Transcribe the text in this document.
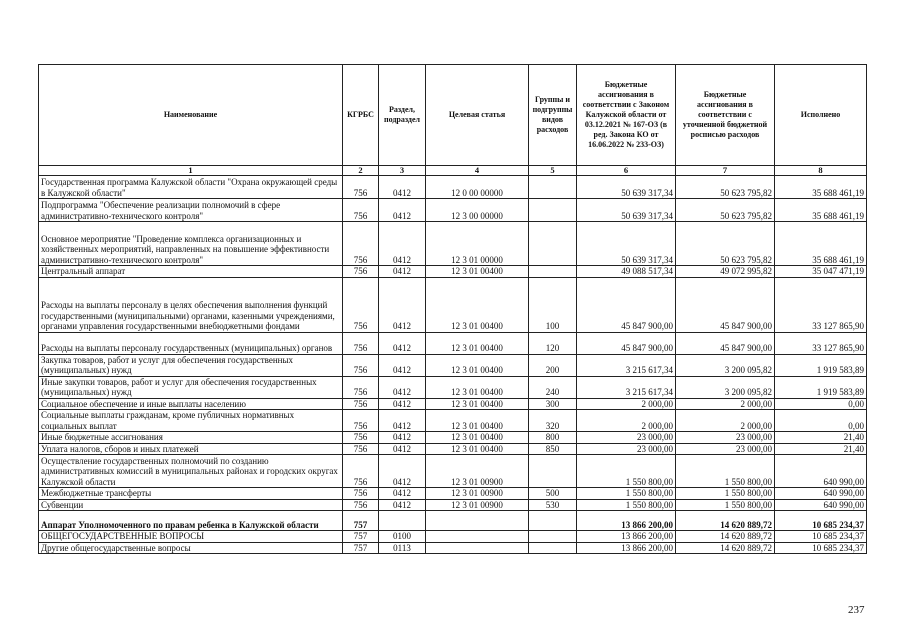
Наименование	КГРБС	Раздел, подраздел	Целевая статья	Группы и подгруппы видов расходов	Бюджетные ассигнования в соответствии с Законом Калужской области от 03.12.2021 № 167-ОЗ (в ред. Закона КО от 16.06.2022 № 233-ОЗ)	Бюджетные ассигнования в соответствии с уточненной бюджетной росписью расходов	Исполнено
1	2	3	4	5	6	7	8
Государственная программа Калужской области "Охрана окружающей среды в Калужской области"	756	0412	12 0 00 00000		50 639 317,34	50 623 795,82	35 688 461,19
Подпрограмма "Обеспечение реализации полномочий в сфере административно-технического контроля"	756	0412	12 3 00 00000		50 639 317,34	50 623 795,82	35 688 461,19
Основное мероприятие "Проведение комплекса организационных и хозяйственных мероприятий, направленных на повышение эффективности административно-технического контроля"	756	0412	12 3 01 00000		50 639 317,34	50 623 795,82	35 688 461,19
Центральный аппарат	756	0412	12 3 01 00400		49 088 517,34	49 072 995,82	35 047 471,19
Расходы на выплаты персоналу в целях обеспечения выполнения функций государственными (муниципальными) органами, казенными учреждениями, органами управления государственными внебюджетными фондами	756	0412	12 3 01 00400	100	45 847 900,00	45 847 900,00	33 127 865,90
Расходы на выплаты персоналу государственных (муниципальных) органов	756	0412	12 3 01 00400	120	45 847 900,00	45 847 900,00	33 127 865,90
Закупка товаров, работ и услуг для обеспечения государственных (муниципальных) нужд	756	0412	12 3 01 00400	200	3 215 617,34	3 200 095,82	1 919 583,89
Иные закупки товаров, работ и услуг для обеспечения государственных (муниципальных) нужд	756	0412	12 3 01 00400	240	3 215 617,34	3 200 095,82	1 919 583,89
Социальное обеспечение и иные выплаты населению	756	0412	12 3 01 00400	300	2 000,00	2 000,00	0,00
Социальные выплаты гражданам, кроме публичных нормативных социальных выплат	756	0412	12 3 01 00400	320	2 000,00	2 000,00	0,00
Иные бюджетные ассигнования	756	0412	12 3 01 00400	800	23 000,00	23 000,00	21,40
Уплата налогов, сборов и иных платежей	756	0412	12 3 01 00400	850	23 000,00	23 000,00	21,40
Осуществление государственных полномочий по созданию административных комиссий в муниципальных районах и городских округах Калужской области	756	0412	12 3 01 00900		1 550 800,00	1 550 800,00	640 990,00
Межбюджетные трансферты	756	0412	12 3 01 00900	500	1 550 800,00	1 550 800,00	640 990,00
Субвенции	756	0412	12 3 01 00900	530	1 550 800,00	1 550 800,00	640 990,00
Аппарат Уполномоченного по правам ребенка в Калужской области	757				13 866 200,00	14 620 889,72	10 685 234,37
ОБЩЕГОСУДАРСТВЕННЫЕ ВОПРОСЫ	757	0100			13 866 200,00	14 620 889,72	10 685 234,37
Другие общегосударственные вопросы	757	0113			13 866 200,00	14 620 889,72	10 685 234,37
237
